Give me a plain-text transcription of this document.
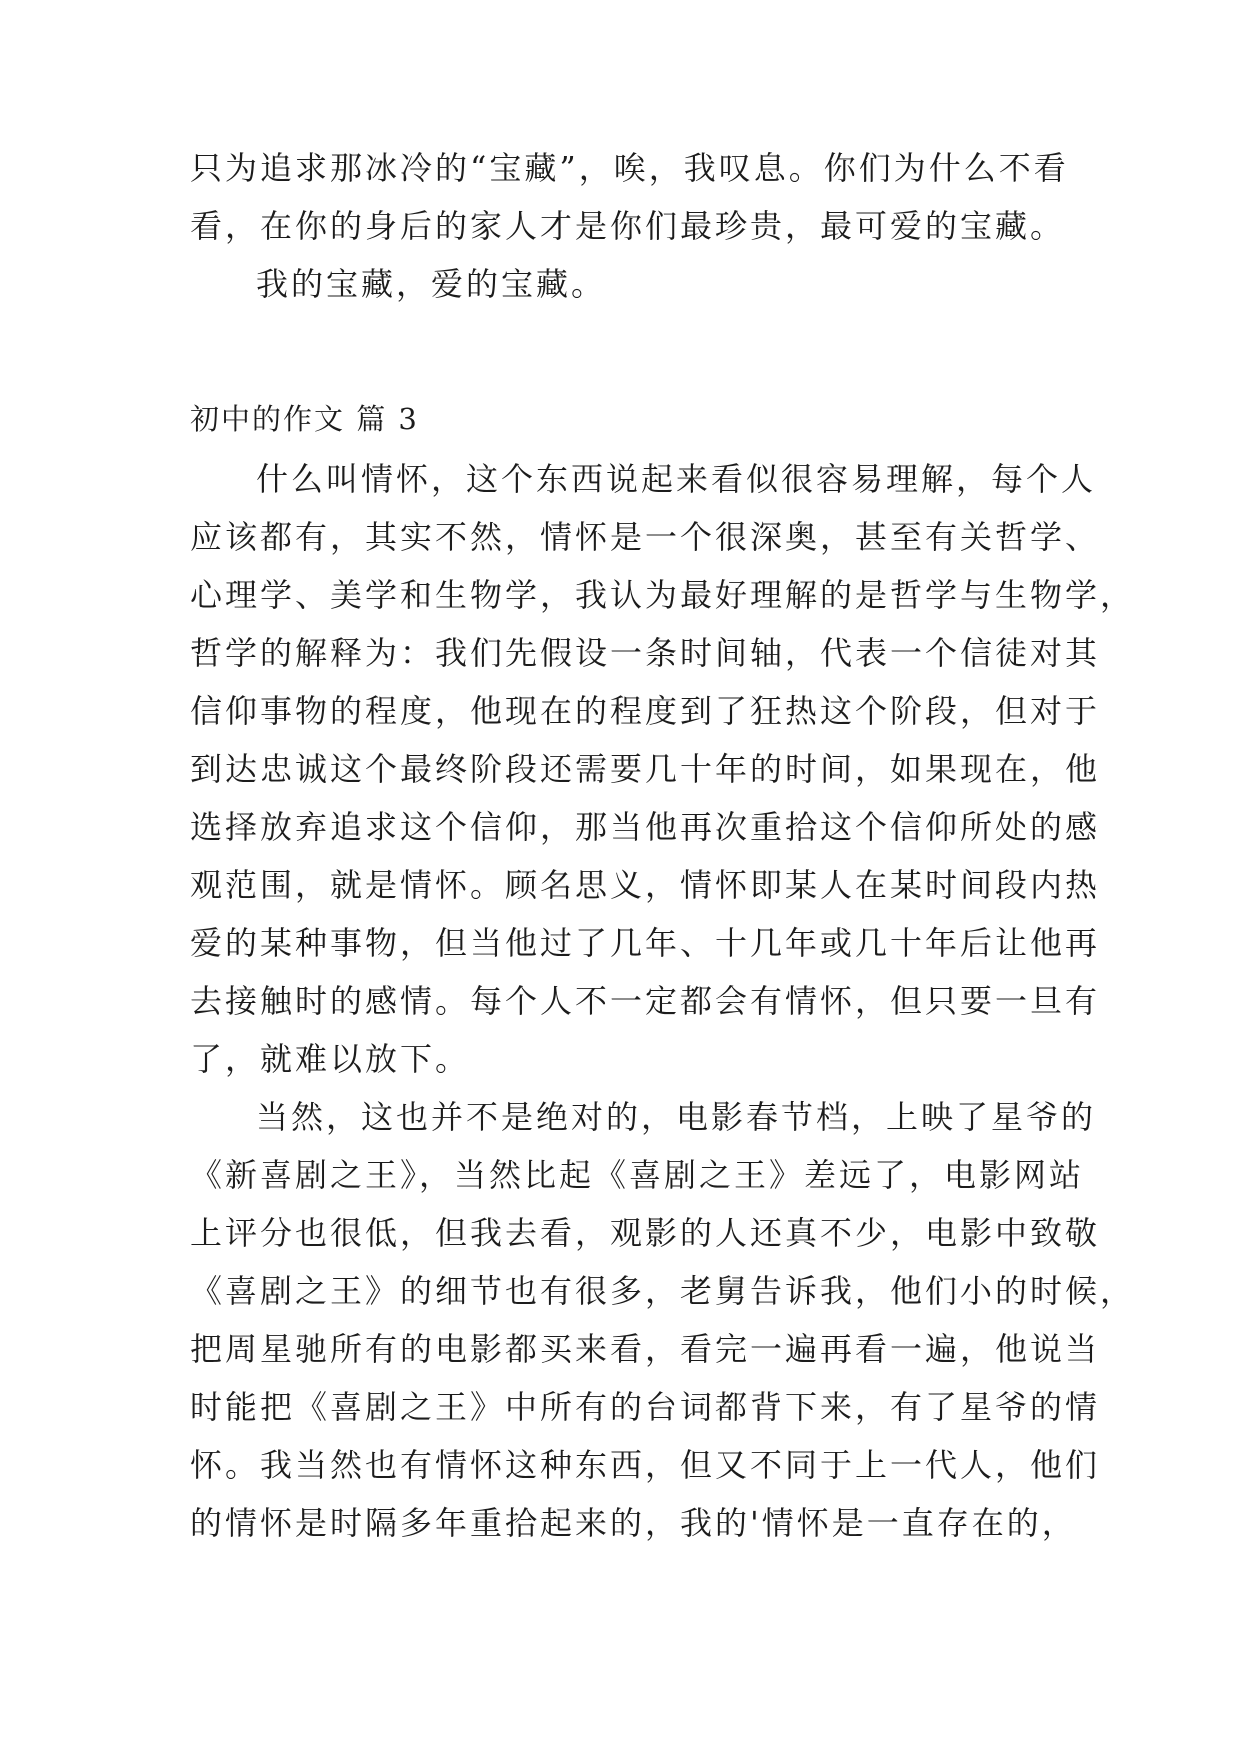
只为追求那冰冷的“宝藏”，唉，我叹息。你们为什么不看
看，在你的身后的家人才是你们最珍贵，最可爱的宝藏。
我的宝藏，爱的宝藏。
初中的作文 篇 3
什么叫情怀，这个东西说起来看似很容易理解，每个人
应该都有，其实不然，情怀是一个很深奥，甚至有关哲学、
心理学、美学和生物学，我认为最好理解的是哲学与生物学，
哲学的解释为：我们先假设一条时间轴，代表一个信徒对其
信仰事物的程度，他现在的程度到了狂热这个阶段，但对于
到达忠诚这个最终阶段还需要几十年的时间，如果现在，他
选择放弃追求这个信仰，那当他再次重拾这个信仰所处的感
观范围，就是情怀。顾名思义，情怀即某人在某时间段内热
爱的某种事物，但当他过了几年、十几年或几十年后让他再
去接触时的感情。每个人不一定都会有情怀，但只要一旦有
了，就难以放下。
当然，这也并不是绝对的，电影春节档，上映了星爷的
《新喜剧之王》，当然比起《喜剧之王》差远了，电影网站
上评分也很低，但我去看，观影的人还真不少，电影中致敬
《喜剧之王》的细节也有很多，老舅告诉我，他们小的时候，
把周星驰所有的电影都买来看，看完一遍再看一遍，他说当
时能把《喜剧之王》中所有的台词都背下来，有了星爷的情
怀。我当然也有情怀这种东西，但又不同于上一代人，他们
的情怀是时隔多年重拾起来的，我的'情怀是一直存在的，
